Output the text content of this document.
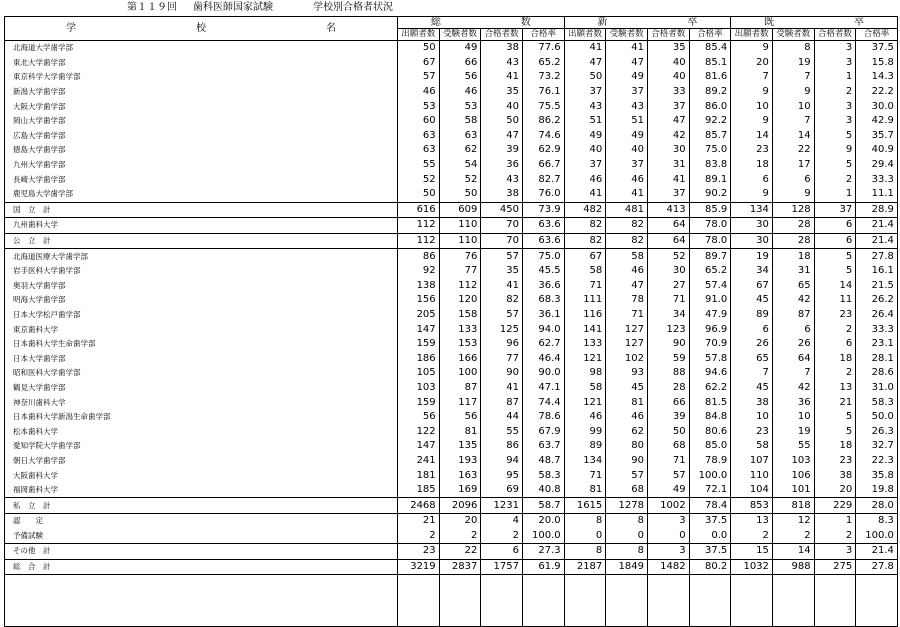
第１１９回 歯科医師国家試験	学校別合格者状況
学　　　　　　　　　　　　校　　　　　　　　　　　　名	総　　　　　　　　数				新　　　　　　　　卒				既　　　　　　　　卒			
	出願者数	受験者数	合格者数	合格率	出願者数	受験者数	合格者数	合格率	出願者数	受験者数	合格者数	合格率
北海道大学歯学部	50	49	38	77.6	41	41	35	85.4	9	8	3	37.5
東北大学歯学部	67	66	43	65.2	47	47	40	85.1	20	19	3	15.8
東京科学大学歯学部	57	56	41	73.2	50	49	40	81.6	7	7	1	14.3
新潟大学歯学部	46	46	35	76.1	37	37	33	89.2	9	9	2	22.2
大阪大学歯学部	53	53	40	75.5	43	43	37	86.0	10	10	3	30.0
岡山大学歯学部	60	58	50	86.2	51	51	47	92.2	9	7	3	42.9
広島大学歯学部	63	63	47	74.6	49	49	42	85.7	14	14	5	35.7
徳島大学歯学部	63	62	39	62.9	40	40	30	75.0	23	22	9	40.9
九州大学歯学部	55	54	36	66.7	37	37	31	83.8	18	17	5	29.4
長崎大学歯学部	52	52	43	82.7	46	46	41	89.1	6	6	2	33.3
鹿児島大学歯学部	50	50	38	76.0	41	41	37	90.2	9	9	1	11.1
国　立　計	616	609	450	73.9	482	481	413	85.9	134	128	37	28.9
九州歯科大学	112	110	70	63.6	82	82	64	78.0	30	28	6	21.4
公　立　計	112	110	70	63.6	82	82	64	78.0	30	28	6	21.4
北海道医療大学歯学部	86	76	57	75.0	67	58	52	89.7	19	18	5	27.8
岩手医科大学歯学部	92	77	35	45.5	58	46	30	65.2	34	31	5	16.1
奥羽大学歯学部	138	112	41	36.6	71	47	27	57.4	67	65	14	21.5
明海大学歯学部	156	120	82	68.3	111	78	71	91.0	45	42	11	26.2
日本大学松戸歯学部	205	158	57	36.1	116	71	34	47.9	89	87	23	26.4
東京歯科大学	147	133	125	94.0	141	127	123	96.9	6	6	2	33.3
日本歯科大学生命歯学部	159	153	96	62.7	133	127	90	70.9	26	26	6	23.1
日本大学歯学部	186	166	77	46.4	121	102	59	57.8	65	64	18	28.1
昭和医科大学歯学部	105	100	90	90.0	98	93	88	94.6	7	7	2	28.6
鶴見大学歯学部	103	87	41	47.1	58	45	28	62.2	45	42	13	31.0
神奈川歯科大学	159	117	87	74.4	121	81	66	81.5	38	36	21	58.3
日本歯科大学新潟生命歯学部	56	56	44	78.6	46	46	39	84.8	10	10	5	50.0
松本歯科大学	122	81	55	67.9	99	62	50	80.6	23	19	5	26.3
愛知学院大学歯学部	147	135	86	63.7	89	80	68	85.0	58	55	18	32.7
朝日大学歯学部	241	193	94	48.7	134	90	71	78.9	107	103	23	22.3
大阪歯科大学	181	163	95	58.3	71	57	57	100.0	110	106	38	35.8
福岡歯科大学	185	169	69	40.8	81	68	49	72.1	104	101	20	19.8
私　立　計	2468	2096	1231	58.7	1615	1278	1002	78.4	853	818	229	28.0
認　　定	21	20	4	20.0	8	8	3	37.5	13	12	1	8.3
予備試験	2	2	2	100.0	0	0	0	0.0	2	2	2	100.0
その他　計	23	22	6	27.3	8	8	3	37.5	15	14	3	21.4
総　合　計	3219	2837	1757	61.9	2187	1849	1482	80.2	1032	988	275	27.8
